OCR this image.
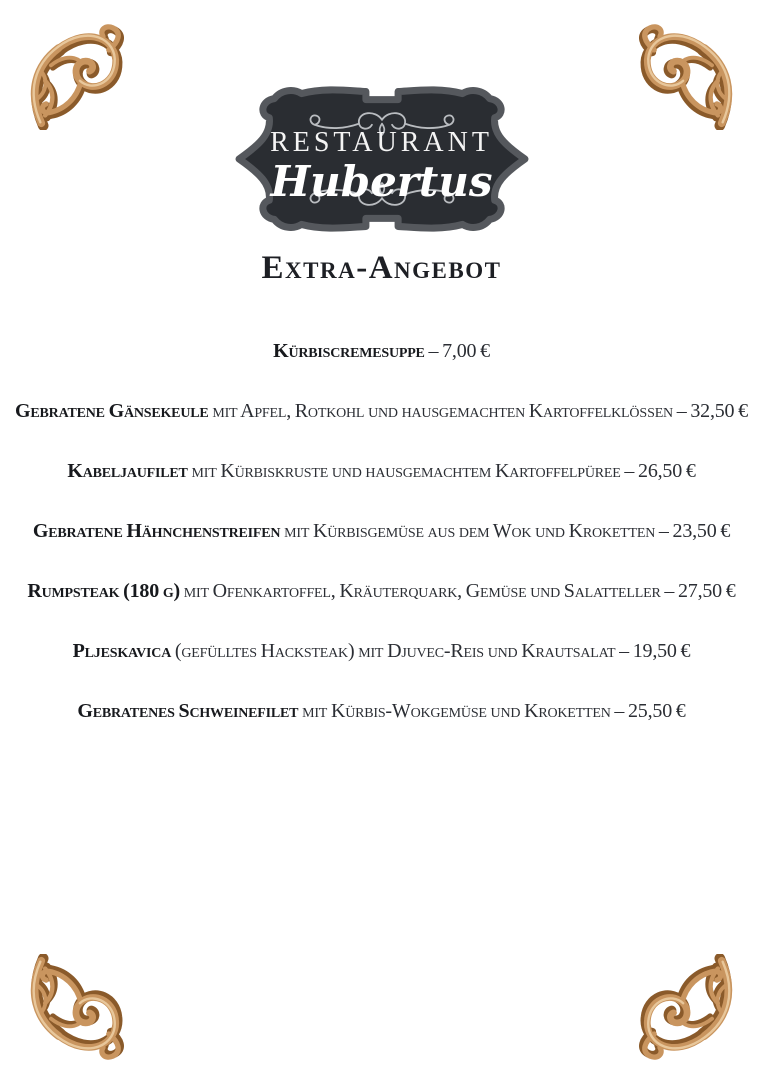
RESTAURANT
Hubertus
Extra-Angebot

Kürbiscremesuppe – 7,00 €

Gebratene Gänsekeule mit Apfel, Rotkohl und hausgemachten Kartoffelklößen – 32,50 €

Kabeljaufilet mit Kürbiskruste und hausgemachtem Kartoffelpüree – 26,50 €

Gebratene Hähnchenstreifen mit Kürbisgemüse aus dem Wok und Kroketten – 23,50 €

Rumpsteak (180 g) mit Ofenkartoffel, Kräuterquark, Gemüse und Salatteller – 27,50 €

Pljeskavica (gefülltes Hacksteak) mit Djuvec-Reis und Krautsalat – 19,50 €

Gebratenes Schweinefilet mit Kürbis-Wokgemüse und Kroketten – 25,50 €
